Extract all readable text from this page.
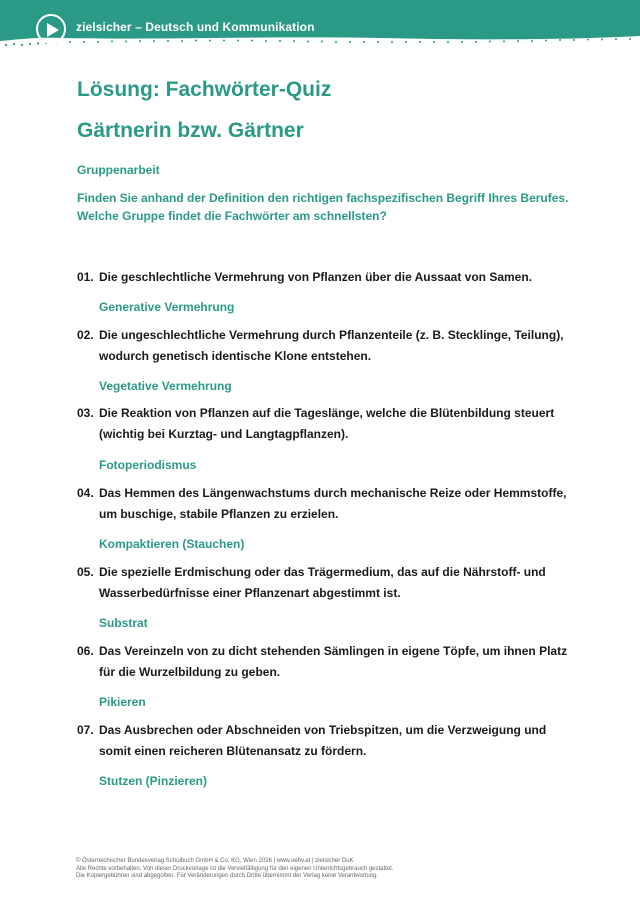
zielsicher – Deutsch und Kommunikation
Lösung: Fachwörter-Quiz
Gärtnerin bzw. Gärtner
Gruppenarbeit
Finden Sie anhand der Definition den richtigen fachspezifischen Begriff Ihres Berufes. Welche Gruppe findet die Fachwörter am schnellsten?
01. Die geschlechtliche Vermehrung von Pflanzen über die Aussaat von Samen.
Generative Vermehrung
02. Die ungeschlechtliche Vermehrung durch Pflanzenteile (z. B. Stecklinge, Teilung), wodurch genetisch identische Klone entstehen.
Vegetative Vermehrung
03. Die Reaktion von Pflanzen auf die Tageslänge, welche die Blütenbildung steuert (wichtig bei Kurztag- und Langtagpflanzen).
Fotoperiodismus
04. Das Hemmen des Längenwachstums durch mechanische Reize oder Hemmstoffe, um buschige, stabile Pflanzen zu erzielen.
Kompaktieren (Stauchen)
05. Die spezielle Erdmischung oder das Trägermedium, das auf die Nährstoff- und Wasserbedürfnisse einer Pflanzenart abgestimmt ist.
Substrat
06. Das Vereinzeln von zu dicht stehenden Sämlingen in eigene Töpfe, um ihnen Platz für die Wurzelbildung zu geben.
Pikieren
07. Das Ausbrechen oder Abschneiden von Triebspitzen, um die Verzweigung und somit einen reicheren Blütenansatz zu fördern.
Stutzen (Pinzieren)
© Österreichischer Bundesverlag Schulbuch GmbH & Co. KG, Wien 2026 | www.oebv.at | zielsicher DuK
Alle Rechte vorbehalten. Von dieser Druckvorlage ist die Vervielfältigung für den eigenen Unterrichtsgebrauch gestattet.
Die Kopiergebühren sind abgegolten. Für Veränderungen durch Dritte übernimmt der Verlag keine Verantwortung.
